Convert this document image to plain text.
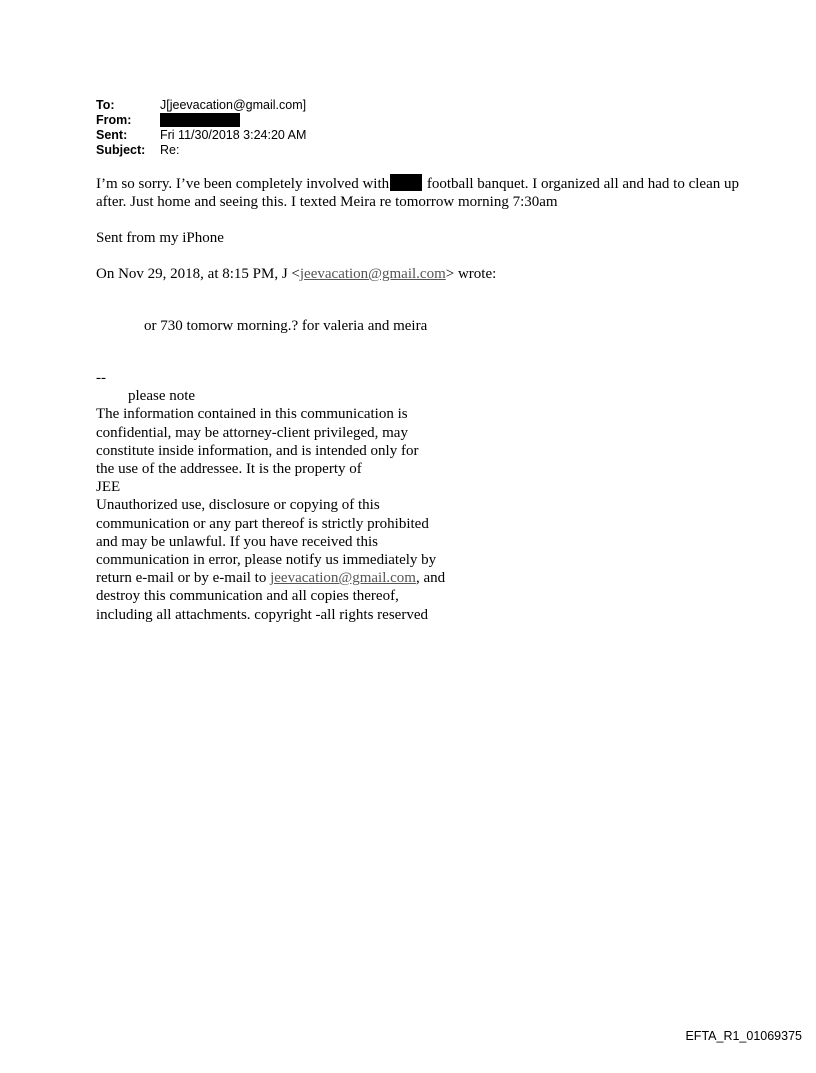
To:	J[jeevacation@gmail.com]
From:
Sent:	Fri 11/30/2018 3:24:20 AM
Subject:	Re:

I’m so sorry. I’ve been completely involved with football banquet. I organized all and had to clean up after. Just home and seeing this. I texted Meira re tomorrow morning 7:30am

Sent from my iPhone

On Nov 29, 2018, at 8:15 PM, J <jeevacation@gmail.com> wrote:

or 730 tomorw morning.? for valeria and meira

--
please note
The information contained in this communication is
confidential, may be attorney-client privileged, may
constitute inside information, and is intended only for
the use of the addressee. It is the property of
JEE
Unauthorized use, disclosure or copying of this
communication or any part thereof is strictly prohibited
and may be unlawful. If you have received this
communication in error, please notify us immediately by
return e-mail or by e-mail to jeevacation@gmail.com, and
destroy this communication and all copies thereof,
including all attachments. copyright -all rights reserved
EFTA_R1_01069375
